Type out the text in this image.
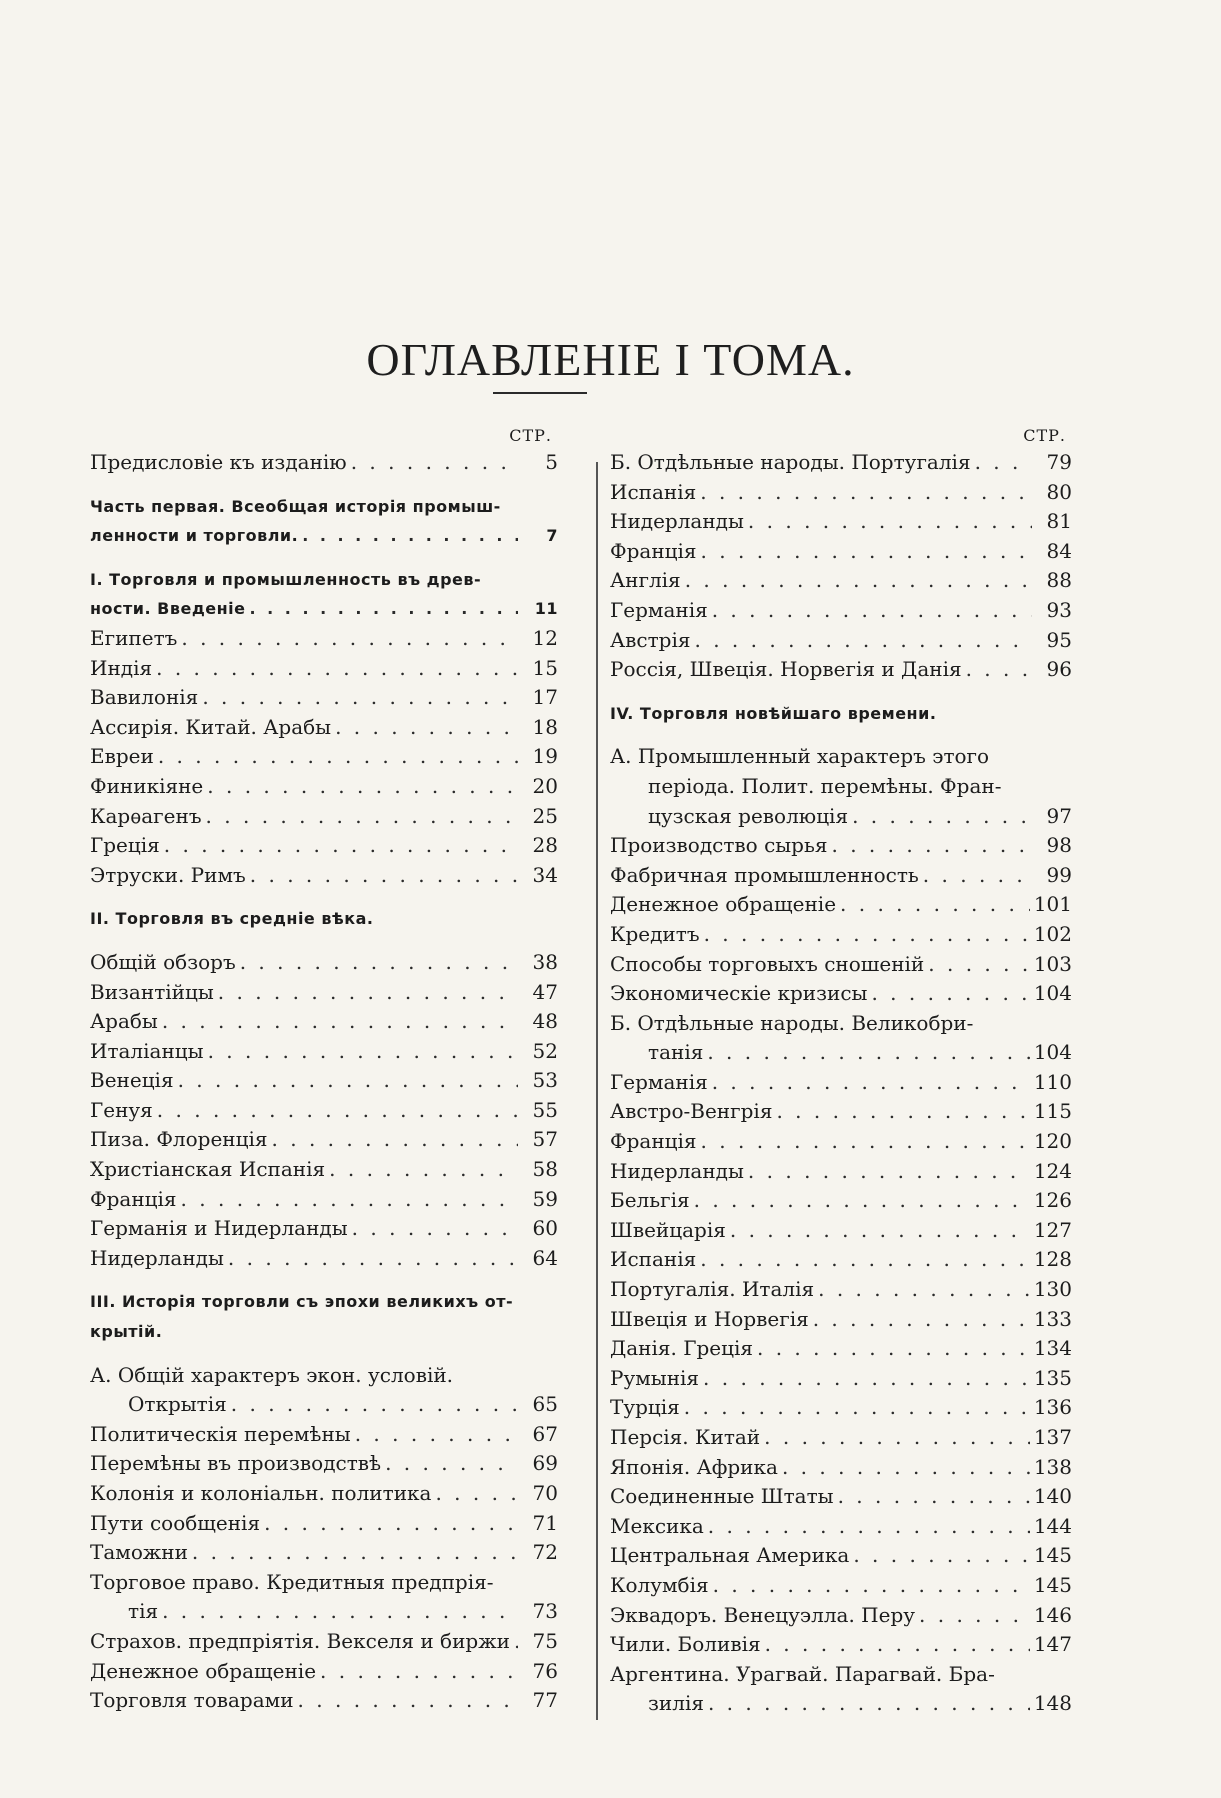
ОГЛАВЛЕНІЕ I ТОМА.
СТР.
Предисловіе къ изданію . . .	5
Часть первая. Всеобщая исторія промыш-
ленности и торговли. . . .	7
I. Торговля и промышленность въ древ-
ности. Введеніе . . .	11
Египетъ . . .	12
Индія . . .	15
Вавилонія . . .	17
Ассирія. Китай. Арабы . . .	18
Евреи . . .	19
Финикіяне . . .	20
Карѳагенъ . . .	25
Греція . . .	28
Этруски. Римъ . . .	34
II. Торговля въ средніе вѣка.
Общій обзоръ . . .	38
Византійцы . . .	47
Арабы . . .	48
Италіанцы . . .	52
Венеція . . .	53
Генуя . . .	55
Пиза. Флоренція . . .	57
Христіанская Испанія . . .	58
Франція . . .	59
Германія и Нидерланды . . .	60
Нидерланды . . .	64
III. Исторія торговли съ эпохи великихъ от-
крытій.
А. Общій характеръ экон. условій.
Открытія . . .	65
Политическія перемѣны . . .	67
Перемѣны въ производствѣ . . .	69
Колонія и колоніальн. политика . . .	70
Пути сообщенія . . .	71
Таможни . . .	72
Торговое право. Кредитныя предпрія-
тія . . .	73
Страхов. предпріятія. Векселя и биржи . . .	75
Денежное обращеніе . . .	76
Торговля товарами . . .	77
СТР.
Б. Отдѣльные народы. Португалія . . .	79
Испанія . . .	80
Нидерланды . . .	81
Франція . . .	84
Англія . . .	88
Германія . . .	93
Австрія . . .	95
Россія, Швеція. Норвегія и Данія . . .	96
IV. Торговля новѣйшаго времени.
А. Промышленный характеръ этого
періода. Полит. перемѣны. Фран-
цузская революція . . .	97
Производство сырья . . .	98
Фабричная промышленность . . .	99
Денежное обращеніе . . .	101
Кредитъ . . .	102
Способы торговыхъ сношеній . . .	103
Экономическіе кризисы . . .	104
Б. Отдѣльные народы. Великобри-
танія . . .	104
Германія . . .	110
Австро-Венгрія . . .	115
Франція . . .	120
Нидерланды . . .	124
Бельгія . . .	126
Швейцарія . . .	127
Испанія . . .	128
Португалія. Италія . . .	130
Швеція и Норвегія . . .	133
Данія. Греція . . .	134
Румынія . . .	135
Турція . . .	136
Персія. Китай . . .	137
Японія. Африка . . .	138
Соединенные Штаты . . .	140
Мексика . . .	144
Центральная Америка . . .	145
Колумбія . . .	145
Эквадоръ. Венецуэлла. Перу . . .	146
Чили. Боливія . . .	147
Аргентина. Урагвай. Парагвай. Бра-
зилія . . .	148
